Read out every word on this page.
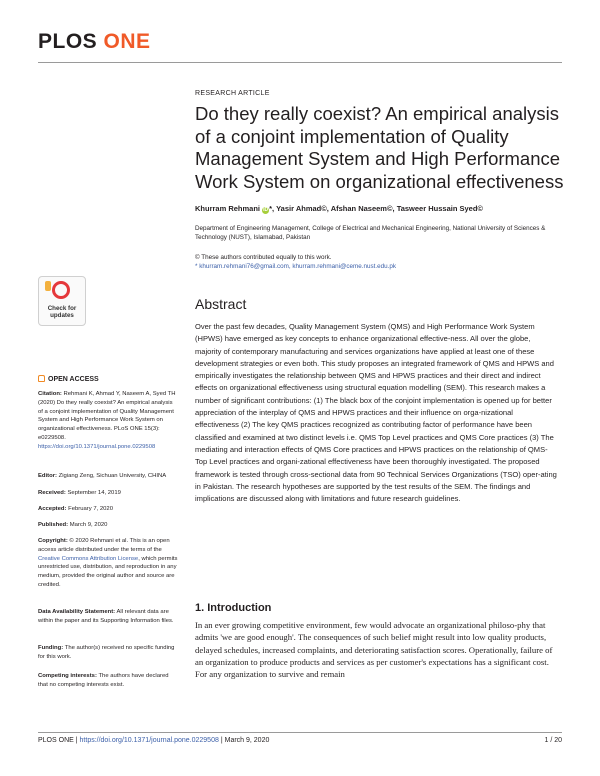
PLOS ONE
RESEARCH ARTICLE
Do they really coexist? An empirical analysis of a conjoint implementation of Quality Management System and High Performance Work System on organizational effectiveness
Khurram Rehmani iD*, Yasir Ahmad©, Afshan Naseem©, Tasweer Hussain Syed©
Department of Engineering Management, College of Electrical and Mechanical Engineering, National University of Sciences & Technology (NUST), Islamabad, Pakistan
© These authors contributed equally to this work.
* khurram.rehmani76@gmail.com, khurram.rehmani@ceme.nust.edu.pk
Check for updates
Abstract
Over the past few decades, Quality Management System (QMS) and High Performance Work System (HPWS) have emerged as key concepts to enhance organizational effective-ness. All over the globe, majority of contemporary manufacturing and services organizations have applied at least one of these development strategies or even both. This study proposes an integrated framework of QMS and HPWS and empirically investigates the relationship between QMS and HPWS practices and their direct and indirect effects on organizational effectiveness using structural equation modelling (SEM). This research makes a number of significant contributions: (1) The black box of the conjoint implementation is opened up for better appreciation of the interplay of QMS and HPWS practices and their influence on orga-nizational effectiveness (2) The key QMS practices recognized as contributing factor of performance have been classified and examined at two distinct levels i.e. QMS Top Level practices and QMS Core practices (3) The mediating and interaction effects of QMS Core practices and HPWS practices on the relationship of QMS-Top Level practices and organi-zational effectiveness have been thoroughly investigated. The proposed framework is tested through cross-sectional data from 90 Technical Services Organizations (TSO) oper-ating in Pakistan. The research hypotheses are supported by the test results of the SEM. The findings and implications are discussed along with limitations and future research guidelines.
OPEN ACCESS
Citation: Rehmani K, Ahmad Y, Naseem A, Syed TH (2020) Do they really coexist? An empirical analysis of a conjoint implementation of Quality Management System and High Performance Work System on organizational effectiveness. PLoS ONE 15(3): e0229508. https://doi.org/10.1371/journal.pone.0229508
Editor: Zigiang Zeng, Sichuan University, CHINA
Received: September 14, 2019
Accepted: February 7, 2020
Published: March 9, 2020
Copyright: © 2020 Rehmani et al. This is an open access article distributed under the terms of the Creative Commons Attribution License, which permits unrestricted use, distribution, and reproduction in any medium, provided the original author and source are credited.
Data Availability Statement: All relevant data are within the paper and its Supporting Information files.
Funding: The author(s) received no specific funding for this work.
Competing interests: The authors have declared that no competing interests exist.
1. Introduction
In an ever growing competitive environment, few would advocate an organizational philoso-phy that admits 'we are good enough'. The consequences of such belief might result into low quality products, delayed schedules, increased complaints, and deteriorating satisfaction scores. Operationally, failure of an organization to produce products and services as per customer's expectations has a significant cost. For any organization to survive and remain
PLOS ONE | https://doi.org/10.1371/journal.pone.0229508 | March 9, 2020	1 / 20
